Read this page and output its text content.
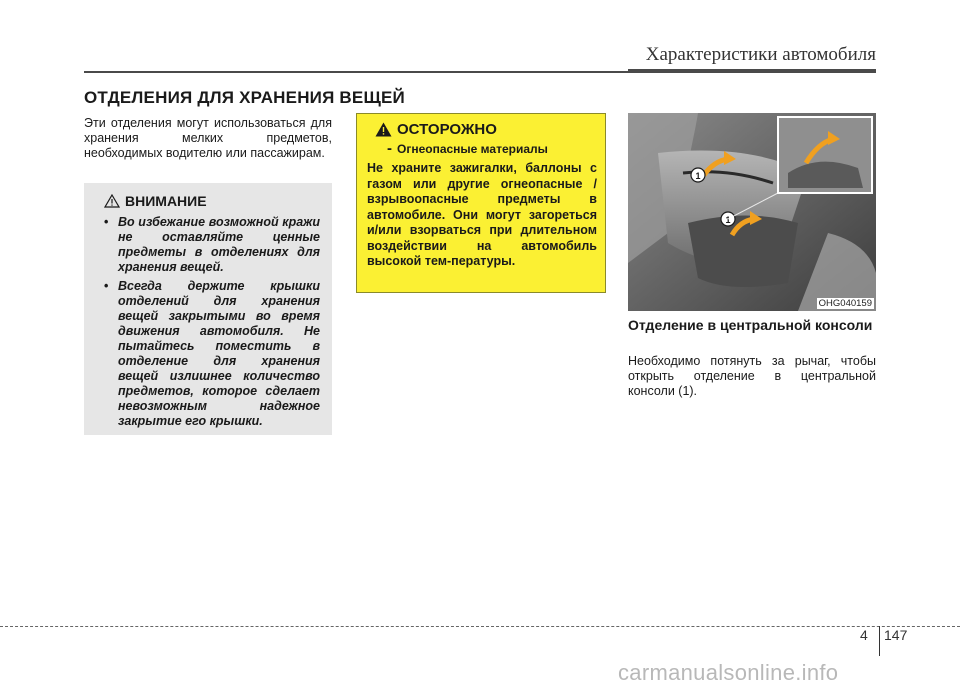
Характеристики автомобиля
ОТДЕЛЕНИЯ ДЛЯ ХРАНЕНИЯ ВЕЩЕЙ
Эти отделения могут использоваться для хранения мелких предметов, необходимых водителю или пассажирам.
ВНИМАНИЕ
• Во избежание возможной кражи не оставляйте ценные предметы в отделениях для хранения вещей.
• Всегда держите крышки отделений для хранения вещей закрытыми во время движения автомобиля. Не пытайтесь поместить в отделение для хранения вещей излишнее количество предметов, которое сделает невозможным надежное закрытие его крышки.
ОСТОРОЖНО
- Огнеопасные материалы
Не храните зажигалки, баллоны с газом или другие огнеопасные / взрывоопасные предметы в автомобиле. Они могут загореться и/или взорваться при длительном воздействии на автомобиль высокой тем-пературы.
1
1
OHG040159
Отделение в центральной консоли
Необходимо потянуть за рычаг, чтобы открыть отделение в центральной консоли (1).
4 147
carmanualsonline.info
